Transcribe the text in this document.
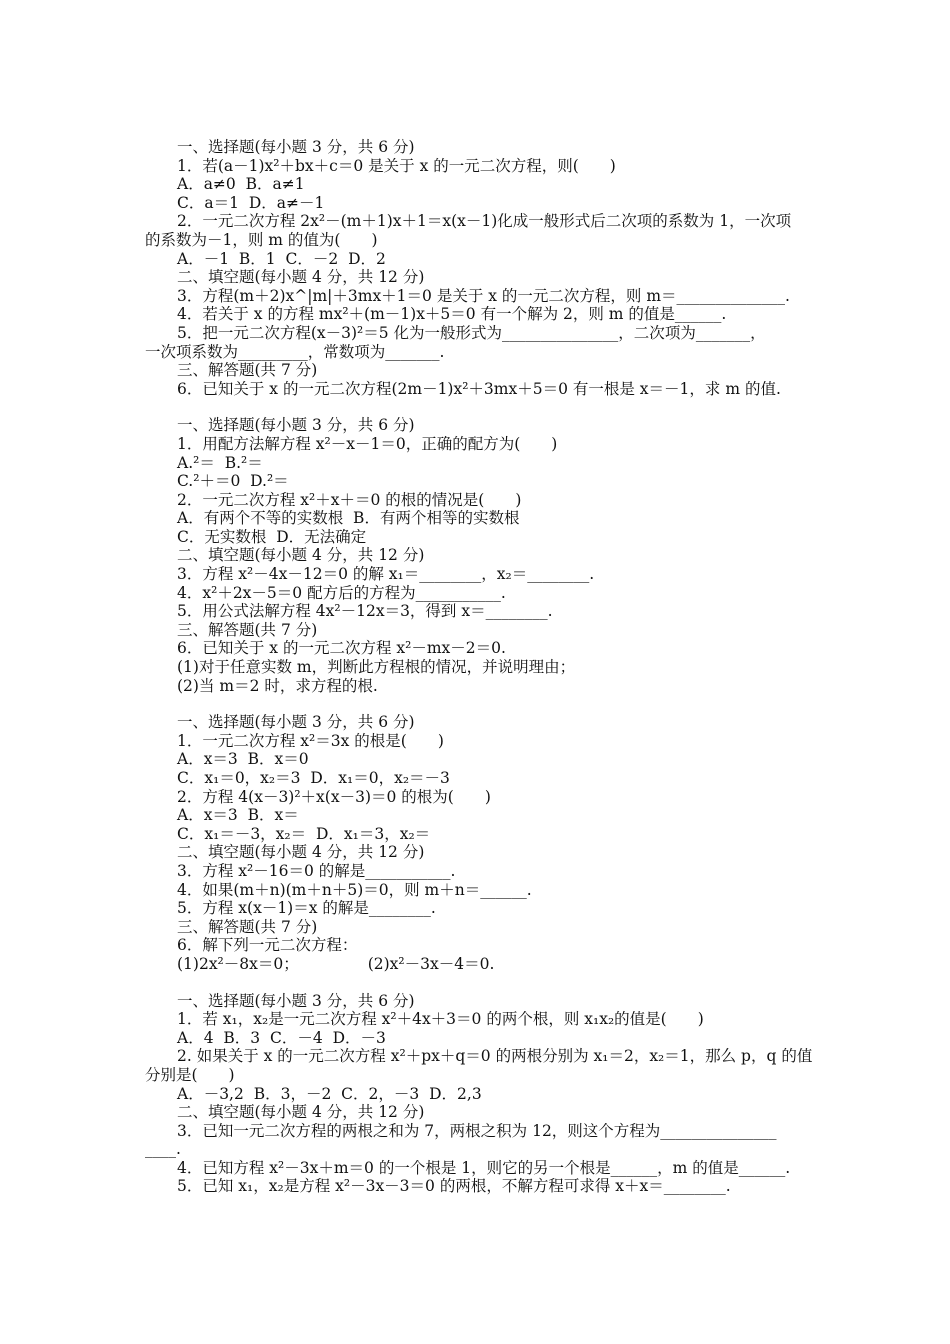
一、选择题(每小题 3 分，共 6 分)
1．若(a－1)x²＋bx＋c＝0 是关于 x 的一元二次方程，则(　　)
A．a≠0  B．a≠1
C．a＝1  D．a≠－1
2．一元二次方程 2x²－(m＋1)x＋1＝x(x－1)化成一般形式后二次项的系数为 1，一次项
的系数为－1，则 m 的值为(　　)
A．－1  B．1  C．－2  D．2
二、填空题(每小题 4 分，共 12 分)
3．方程(m＋2)x^|m|＋3mx＋1＝0 是关于 x 的一元二次方程，则 m＝______________.
4．若关于 x 的方程 mx²＋(m－1)x＋5＝0 有一个解为 2，则 m 的值是______.
5．把一元二次方程(x－3)²＝5 化为一般形式为_______________，二次项为_______，
一次项系数为_________，常数项为_______.
三、解答题(共 7 分)
6．已知关于 x 的一元二次方程(2m－1)x²＋3mx＋5＝0 有一根是 x＝－1，求 m 的值.
一、选择题(每小题 3 分，共 6 分)
1．用配方法解方程 x²－x－1＝0，正确的配方为(　　)
A.²＝  B.²＝
C.²＋＝0  D.²＝
2．一元二次方程 x²＋x＋＝0 的根的情况是(　　)
A．有两个不等的实数根  B．有两个相等的实数根
C．无实数根  D．无法确定
二、填空题(每小题 4 分，共 12 分)
3．方程 x²－4x－12＝0 的解 x₁＝________，x₂＝________.
4．x²＋2x－5＝0 配方后的方程为___________.
5．用公式法解方程 4x²－12x＝3，得到 x＝________.
三、解答题(共 7 分)
6．已知关于 x 的一元二次方程 x²－mx－2＝0.
(1)对于任意实数 m，判断此方程根的情况，并说明理由；
(2)当 m＝2 时，求方程的根.
一、选择题(每小题 3 分，共 6 分)
1．一元二次方程 x²＝3x 的根是(　　)
A．x＝3  B．x＝0
C．x₁＝0，x₂＝3  D．x₁＝0，x₂＝－3
2．方程 4(x－3)²＋x(x－3)＝0 的根为(　　)
A．x＝3  B．x＝
C．x₁＝－3，x₂＝  D．x₁＝3，x₂＝
二、填空题(每小题 4 分，共 12 分)
3．方程 x²－16＝0 的解是___________.
4．如果(m＋n)(m＋n＋5)＝0，则 m＋n＝______.
5．方程 x(x－1)＝x 的解是________.
三、解答题(共 7 分)
6．解下列一元二次方程：
(1)2x²－8x＝0；              (2)x²－3x－4＝0.
一、选择题(每小题 3 分，共 6 分)
1．若 x₁，x₂是一元二次方程 x²＋4x＋3＝0 的两个根，则 x₁x₂的值是(　　)
A．4  B．3  C．－4  D．－3
2. 如果关于 x 的一元二次方程 x²＋px＋q＝0 的两根分别为 x₁＝2，x₂＝1，那么 p，q 的值
分别是(　　)
A．－3,2  B．3，－2  C．2，－3  D．2,3
二、填空题(每小题 4 分，共 12 分)
3．已知一元二次方程的两根之和为 7，两根之积为 12，则这个方程为_______________
____.
4．已知方程 x²－3x＋m＝0 的一个根是 1，则它的另一个根是______，m 的值是______.
5．已知 x₁，x₂是方程 x²－3x－3＝0 的两根，不解方程可求得 x＋x＝________.
